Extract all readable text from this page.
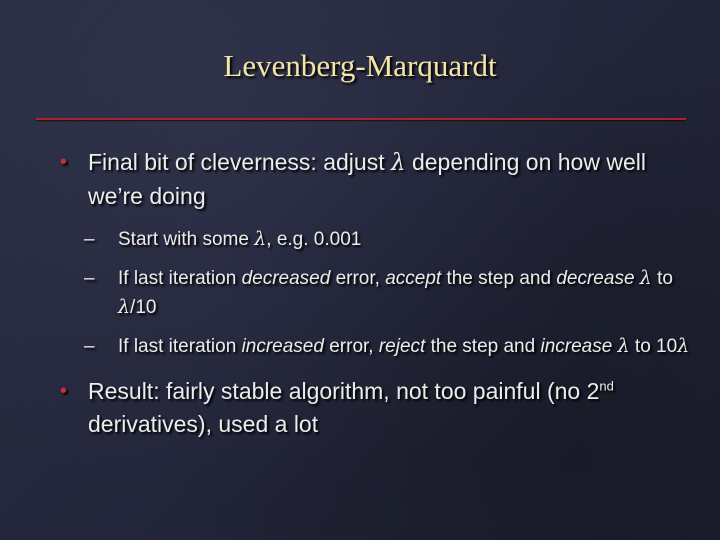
Levenberg-Marquardt
• Final bit of cleverness: adjust λ depending on how well we’re doing
– Start with some λ, e.g. 0.001
– If last iteration decreased error, accept the step and decrease λ to λ/10
– If last iteration increased error, reject the step and increase λ to 10λ
• Result: fairly stable algorithm, not too painful (no 2nd derivatives), used a lot
